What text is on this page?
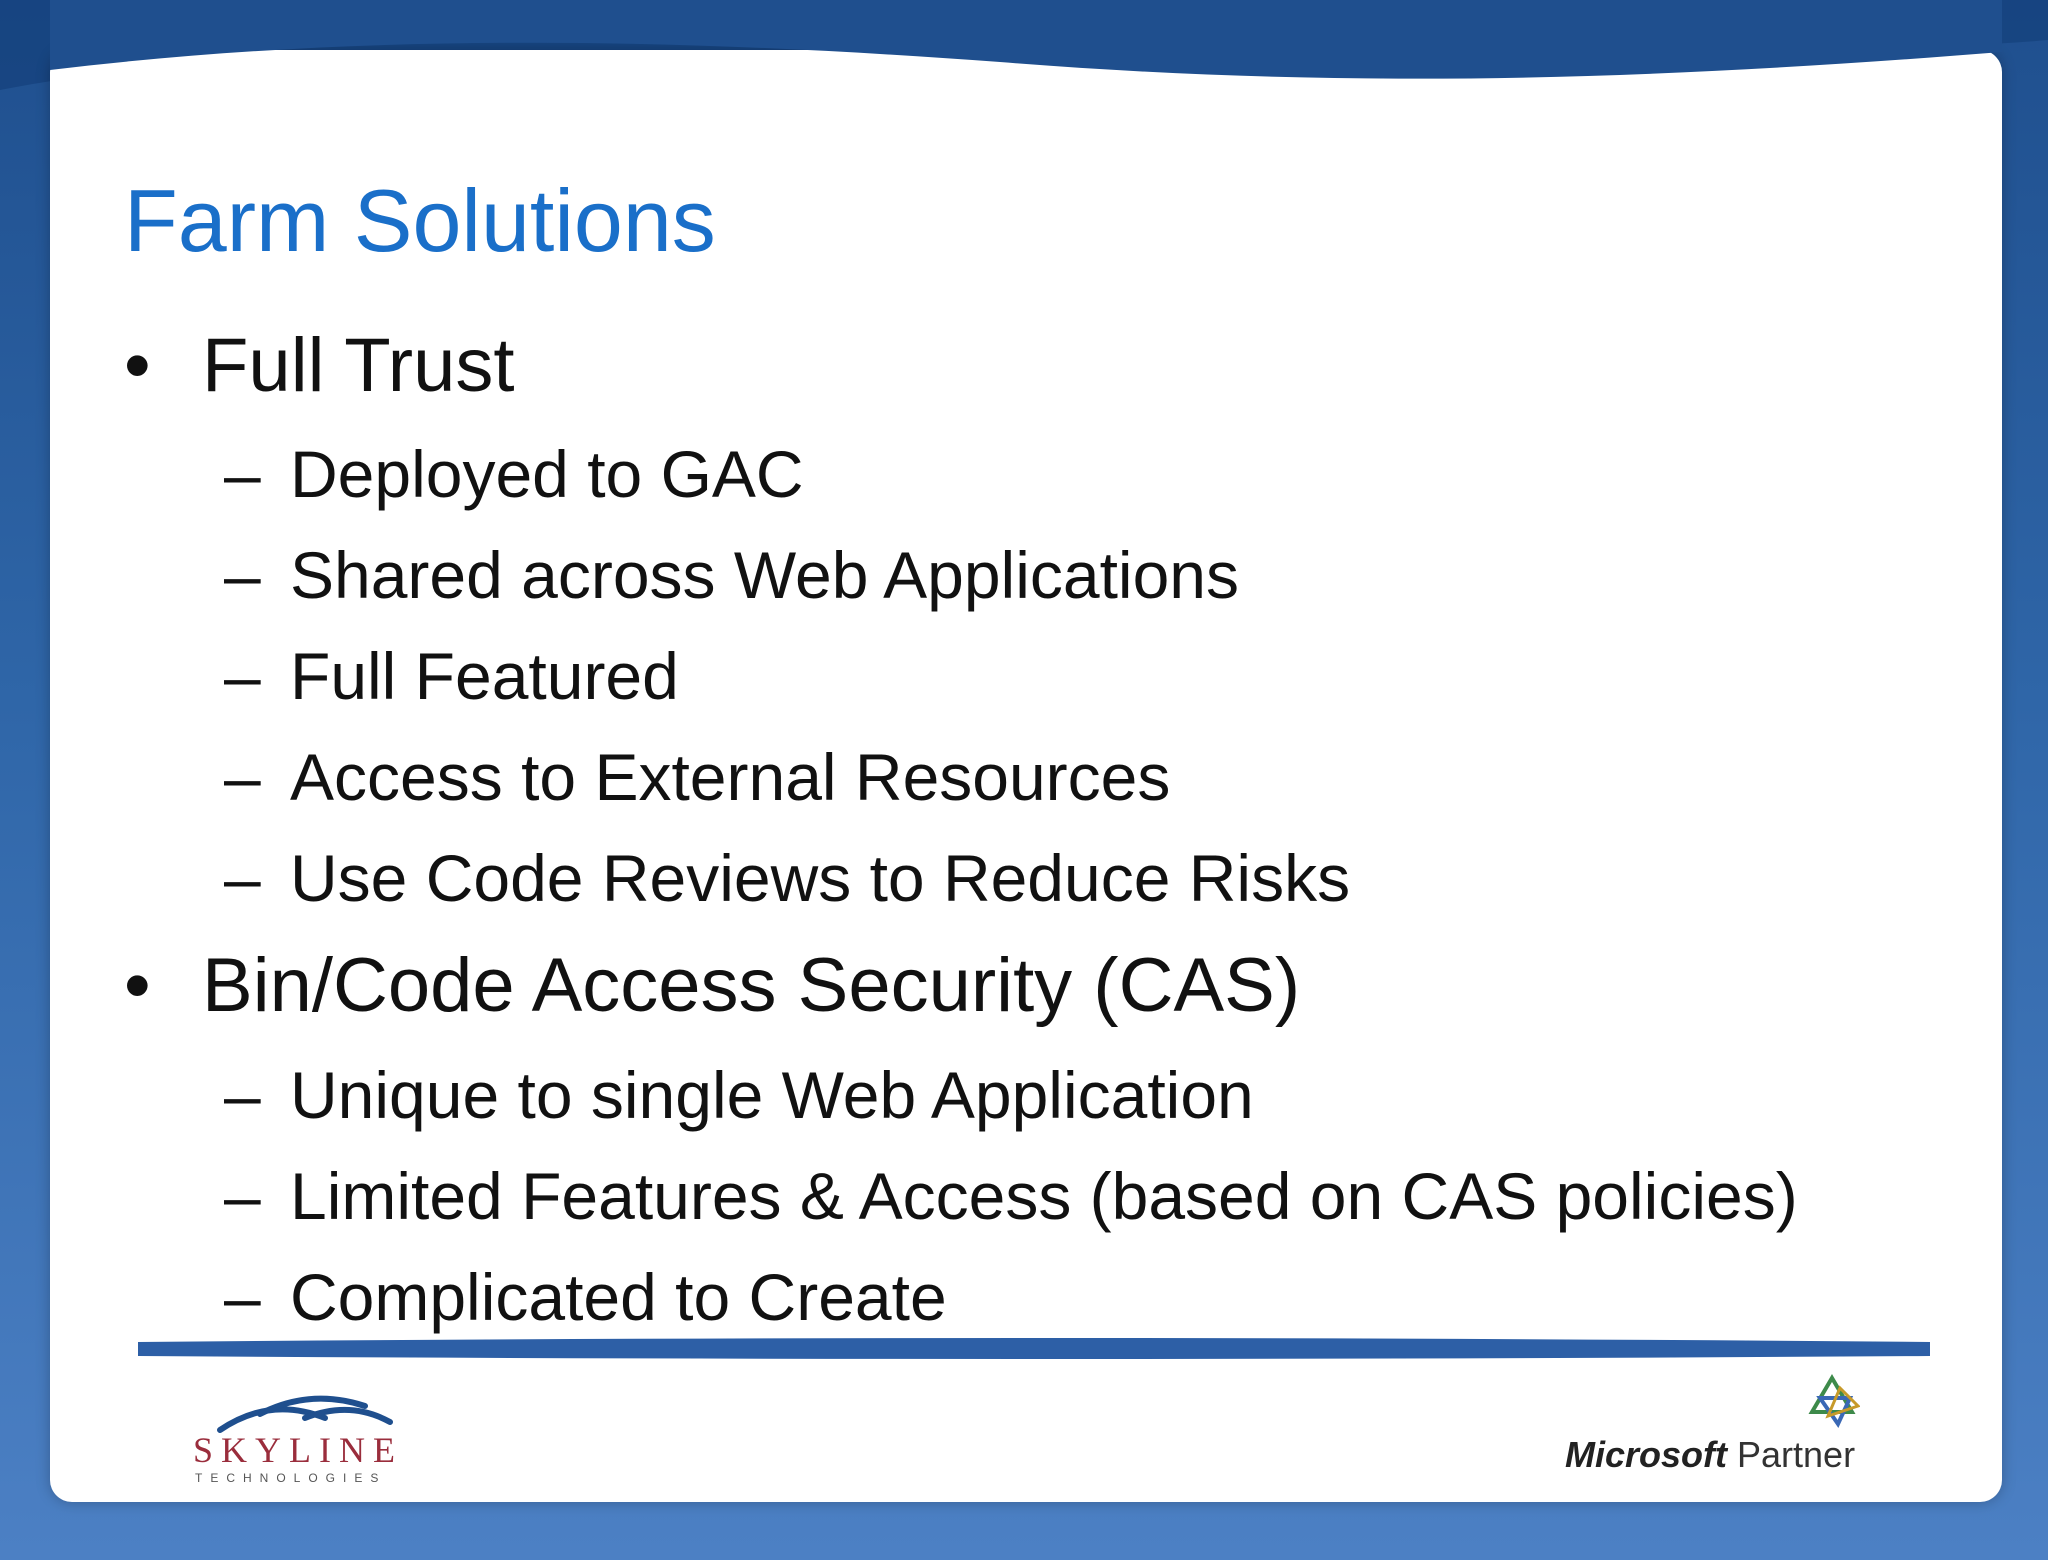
Farm Solutions
• Full Trust
– Deployed to GAC
– Shared across Web Applications
– Full Featured
– Access to External Resources
– Use Code Reviews to Reduce Risks
• Bin/Code Access Security (CAS)
– Unique to single Web Application
– Limited Features & Access (based on CAS policies)
– Complicated to Create
SKYLINE
TECHNOLOGIES
Microsoft Partner
